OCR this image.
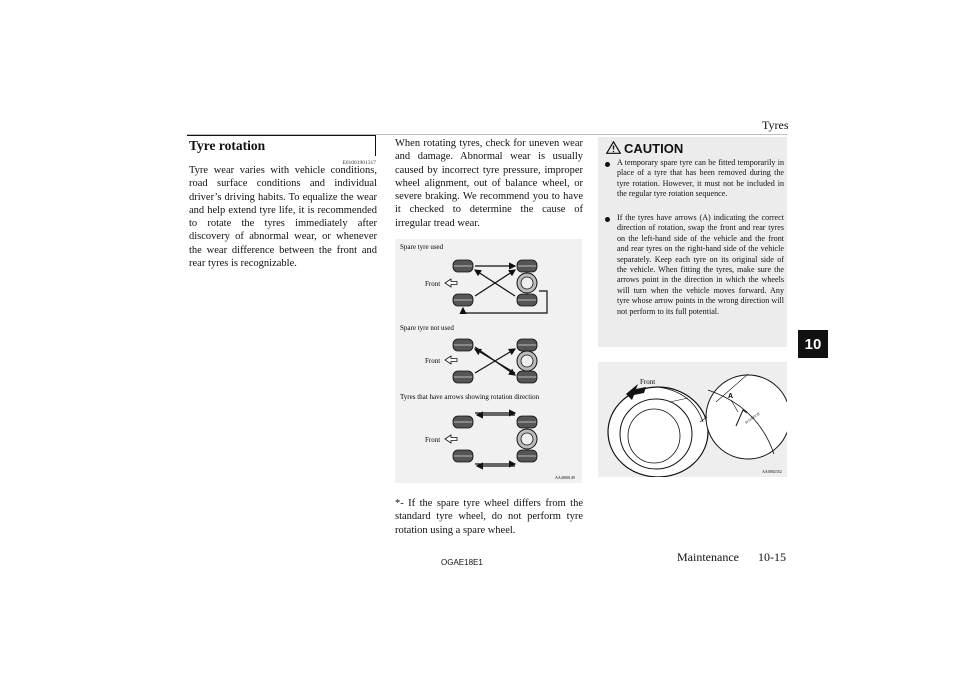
Tyres
10
Tyre rotation
E01001901317
Tyre wear varies with vehicle conditions, road surface conditions and individual driver’s driving habits. To equalize the wear and help extend tyre life, it is recommended to rotate the tyres immediately after discovery of abnormal wear, or whenever the wear difference between the front and rear tyres is recognizable.
When rotating tyres, check for uneven wear and damage. Abnormal wear is usually caused by incorrect tyre pressure, improper wheel alignment, out of balance wheel, or severe braking. We recommend you to have it checked to determine the cause of irregular tread wear.
Spare tyre used
Front
Spare tyre not used
Front
Tyres that have arrows showing rotation direction
Front
AA4000149
*- If the spare tyre wheel differs from the standard tyre wheel, do not perform tyre rotation using a spare wheel.
CAUTION
A temporary spare tyre can be fitted temporarily in place of a tyre that has been removed during the tyre rotation. However, it must not be included in the regular tyre rotation sequence.
If the tyres have arrows (A) indicating the correct direction of rotation, swap the front and rear tyres on the left-hand side of the vehicle and the front and rear tyres on the right-hand side of the vehicle separately. Keep each tyre on its original side of the vehicle. When fitting the tyres, make sure the arrows point in the direction in which the wheels will turn when the vehicle moves forward. Any tyre whose arrow points in the wrong direction will not perform to its full potential.
ROTATION
A
Front
AA0002352
OGAE18E1	Maintenance 10-15
